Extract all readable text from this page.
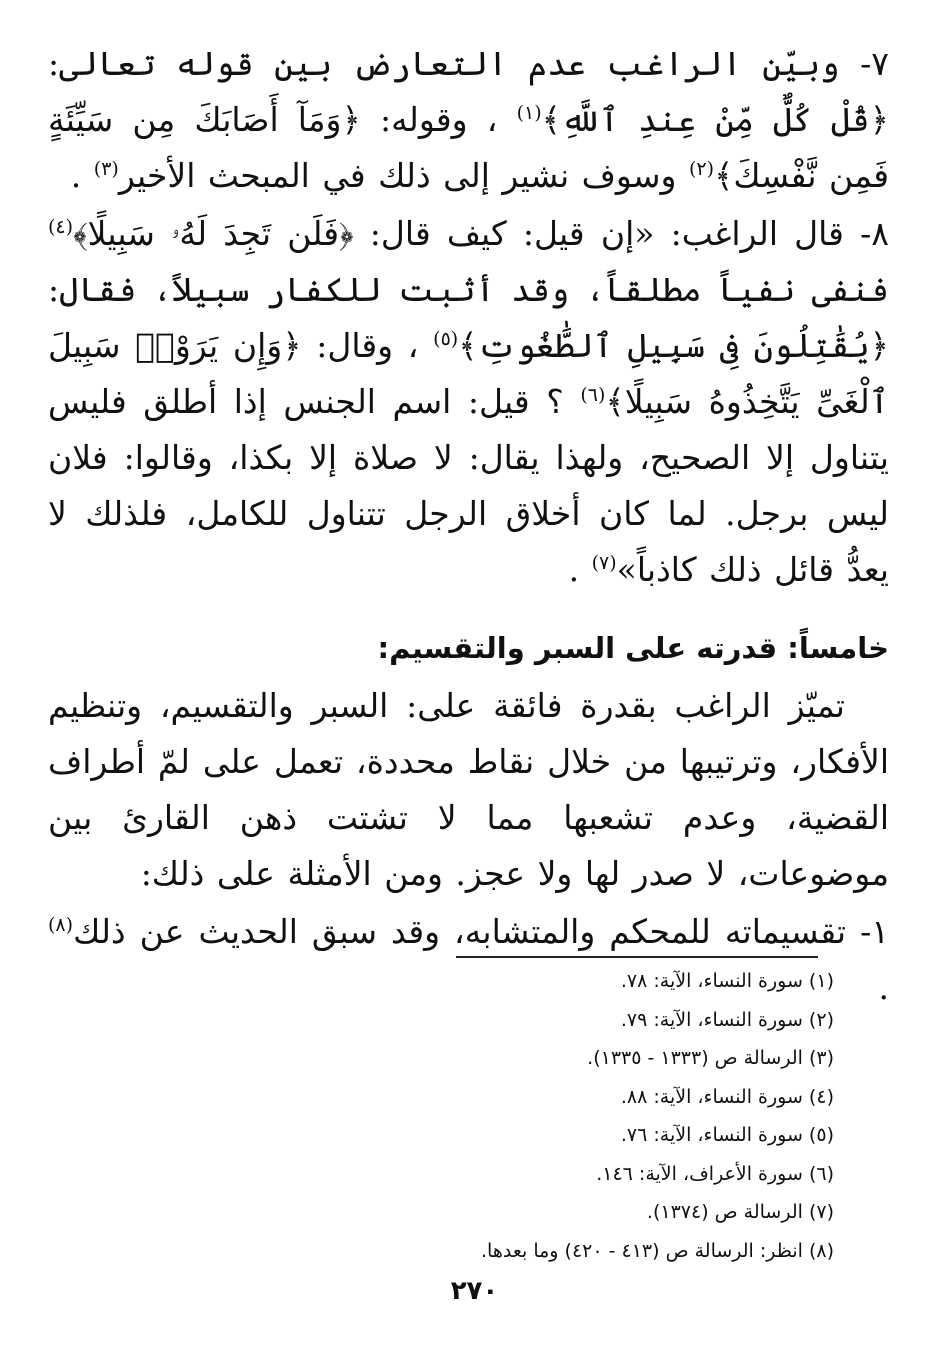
٧- وبيّن الراغب عدم التعارض بين قوله تعالى: ﴿قُلْ كُلٌّ مِّنْ عِندِ ٱللَّهِ﴾$^{(١)}$ ، وقوله: ﴿وَمَآ أَصَابَكَ مِن سَيِّئَةٍ فَمِن نَّفْسِكَ﴾$^{(٢)}$ وسوف نشير إلى ذلك في المبحث الأخير$^{(٣)}$ .

٨- قال الراغب: «إن قيل: كيف قال: ﴿فَلَن تَجِدَ لَهُۥ سَبِيلًا﴾$^{(٤)}$ فنفى نفياً مطلقاً، وقد أثبت للكفار سبيلاً، فقال: ﴿يُقَٰتِلُونَ فِى سَبِيلِ ٱلطَّٰغُوتِ﴾$^{(٥)}$ ، وقال: ﴿وَإِن يَرَوْا۟ سَبِيلَ ٱلْغَىِّ يَتَّخِذُوهُ سَبِيلًا﴾$^{(٦)}$ ؟ قيل: اسم الجنس إذا أطلق فليس يتناول إلا الصحيح، ولهذا يقال: لا صلاة إلا بكذا، وقالوا: فلان ليس برجل. لما كان أخلاق الرجل تتناول للكامل، فلذلك لا يعدُّ قائل ذلك كاذباً»$^{(٧)}$ .

خامساً: قدرته على السبر والتقسيم:

تميّز الراغب بقدرة فائقة على: السبر والتقسيم، وتنظيم الأفكار، وترتيبها من خلال نقاط محددة، تعمل على لمّ أطراف القضية، وعدم تشعبها مما لا تشتت ذهن القارئ بين موضوعات، لا صدر لها ولا عجز. ومن الأمثلة على ذلك:

١- تقسيماته للمحكم والمتشابه، وقد سبق الحديث عن ذلك$^{(٨)}$ .

(١) سورة النساء، الآية: ٧٨.
(٢) سورة النساء، الآية: ٧٩.
(٣) الرسالة ص (١٣٣٣ - ١٣٣٥).
(٤) سورة النساء، الآية: ٨٨.
(٥) سورة النساء، الآية: ٧٦.
(٦) سورة الأعراف، الآية: ١٤٦.
(٧) الرسالة ص (١٣٧٤).
(٨) انظر: الرسالة ص (٤١٣ - ٤٢٠) وما بعدها.
٢٧٠
